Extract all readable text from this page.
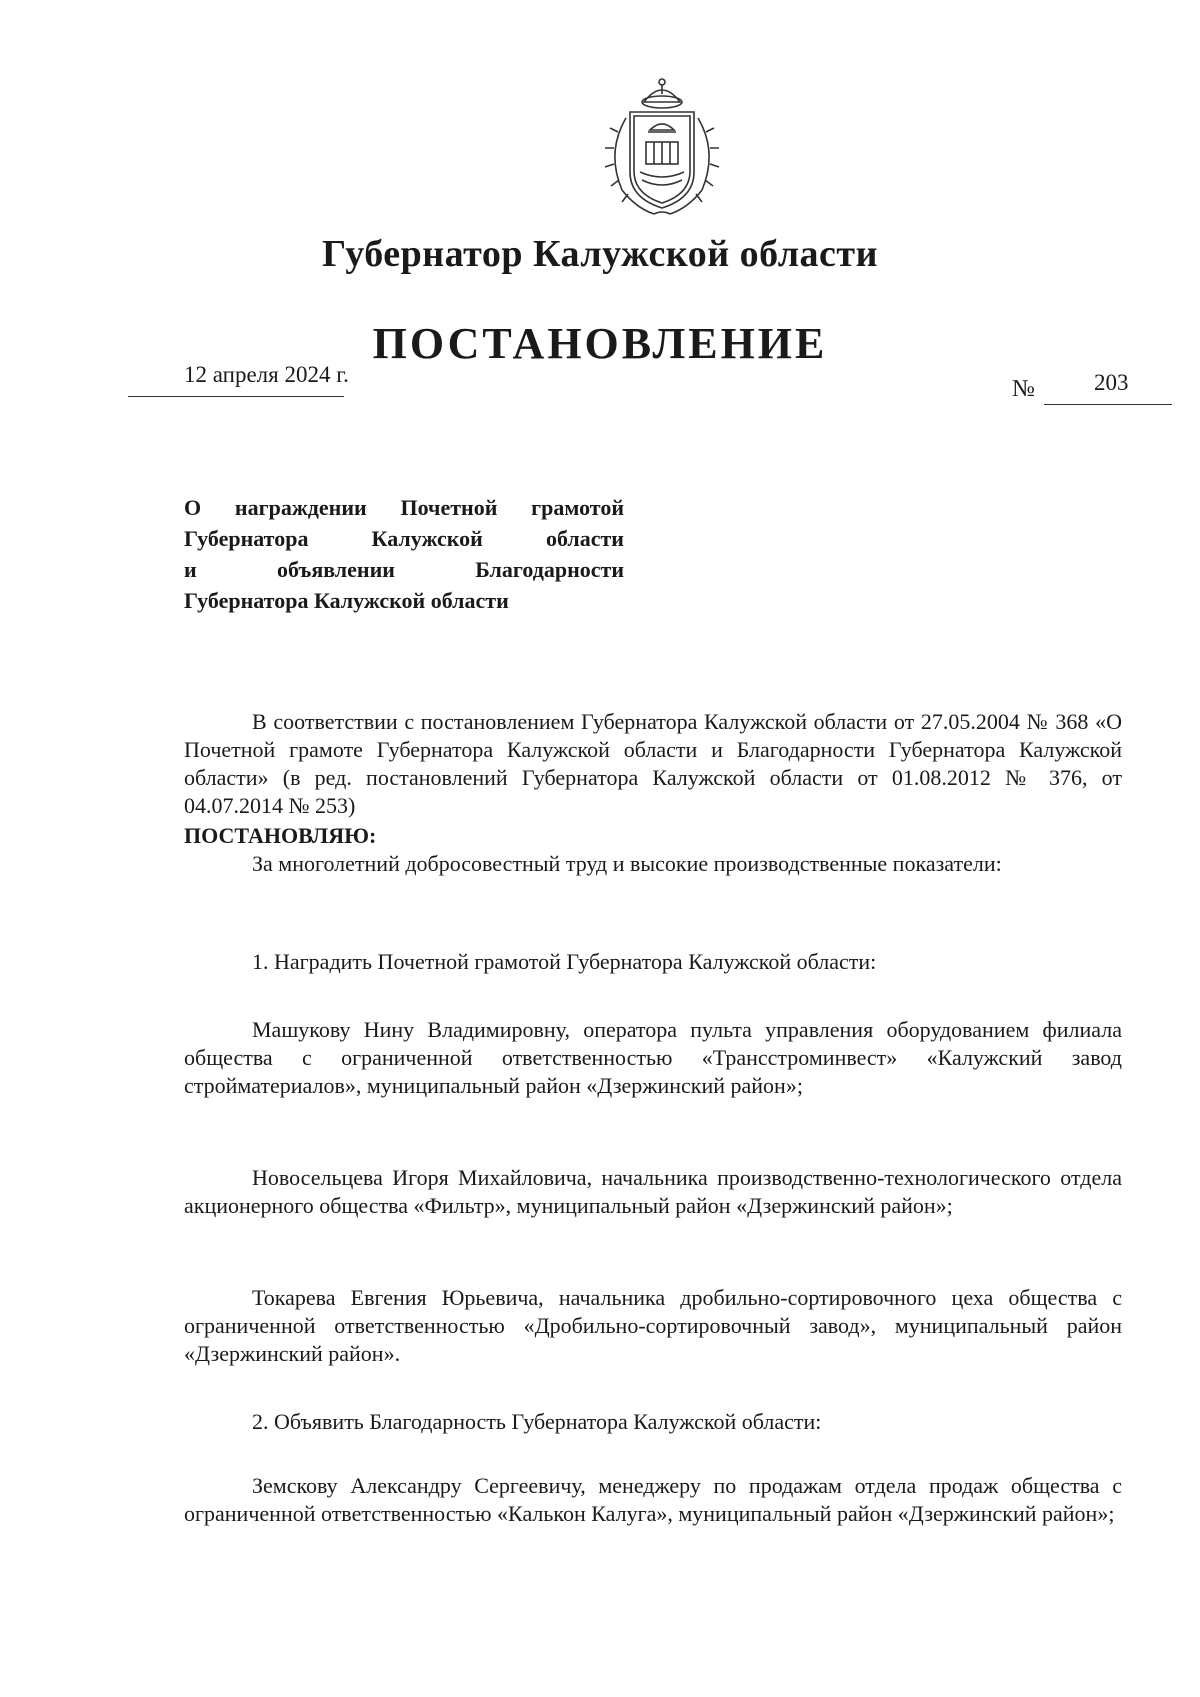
Губернатор Калужской области
ПОСТАНОВЛЕНИЕ
12 апреля 2024 г.
№	203
О награждении Почетной грамотой
Губернатора Калужской области
и объявлении Благодарности
Губернатора Калужской области

В соответствии с постановлением Губернатора Калужской области от 27.05.2004 № 368 «О Почетной грамоте Губернатора Калужской области и Благодарности Губернатора Калужской области» (в ред. постановлений Губернатора Калужской области от 01.08.2012 № 376, от 04.07.2014 № 253)

ПОСТАНОВЛЯЮ:

За многолетний добросовестный труд и высокие производственные показатели:

1. Наградить Почетной грамотой Губернатора Калужской области:

Машукову Нину Владимировну, оператора пульта управления оборудованием филиала общества с ограниченной ответственностью «Трансстроминвест» «Калужский завод стройматериалов», муниципальный район «Дзержинский район»;

Новосельцева Игоря Михайловича, начальника производственно-технологического отдела акционерного общества «Фильтр», муниципальный район «Дзержинский район»;

Токарева Евгения Юрьевича, начальника дробильно-сортировочного цеха общества с ограниченной ответственностью «Дробильно-сортировочный завод», муниципальный район «Дзержинский район».

2. Объявить Благодарность Губернатора Калужской области:

Земскову Александру Сергеевичу, менеджеру по продажам отдела продаж общества с ограниченной ответственностью «Калькон Калуга», муниципальный район «Дзержинский район»;
